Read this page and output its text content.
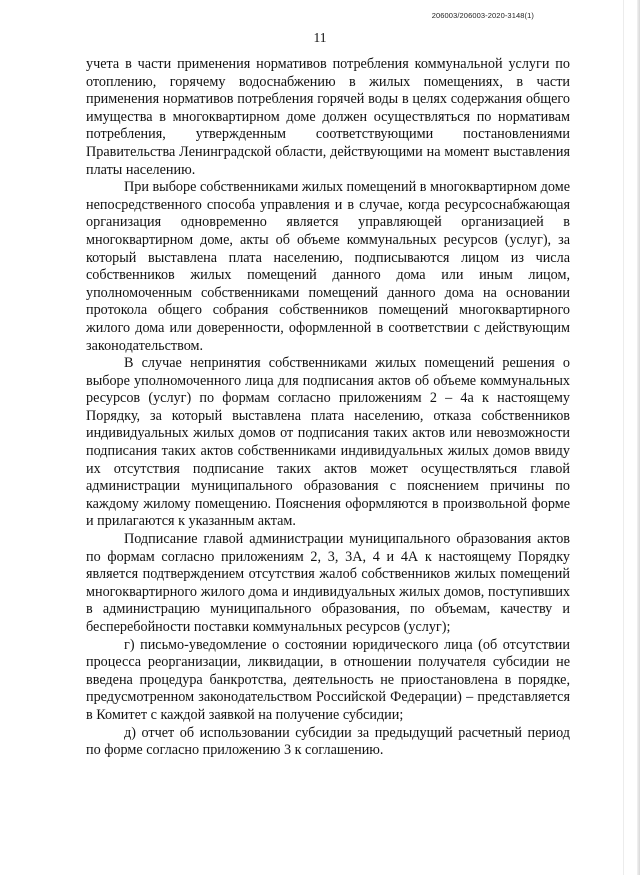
206003/206003-2020-3148(1)
11

учета в части применения нормативов потребления коммунальной услуги по отоплению, горячему водоснабжению в жилых помещениях, в части применения нормативов потребления горячей воды в целях содержания общего имущества в многоквартирном доме должен осуществляться по нормативам потребления, утвержденным соответствующими постановлениями Правительства Ленинградской области, действующими на момент выставления платы населению.

При выборе собственниками жилых помещений в многоквартирном доме непосредственного способа управления и в случае, когда ресурсоснабжающая организация одновременно является управляющей организацией в многоквартирном доме, акты об объеме коммунальных ресурсов (услуг), за который выставлена плата населению, подписываются лицом из числа собственников жилых помещений данного дома или иным лицом, уполномоченным собственниками помещений данного дома на основании протокола общего собрания собственников помещений многоквартирного жилого дома или доверенности, оформленной в соответствии с действующим законодательством.

В случае непринятия собственниками жилых помещений решения о выборе уполномоченного лица для подписания актов об объеме коммунальных ресурсов (услуг) по формам согласно приложениям 2 – 4а к настоящему Порядку, за который выставлена плата населению, отказа собственников индивидуальных жилых домов от подписания таких актов или невозможности подписания таких актов собственниками индивидуальных жилых домов ввиду их отсутствия подписание таких актов может осуществляться главой администрации муниципального образования с пояснением причины по каждому жилому помещению. Пояснения оформляются в произвольной форме и прилагаются к указанным актам.

Подписание главой администрации муниципального образования актов по формам согласно приложениям 2, 3, 3А, 4 и 4А к настоящему Порядку является подтверждением отсутствия жалоб собственников жилых помещений многоквартирного жилого дома и индивидуальных жилых домов, поступивших в администрацию муниципального образования, по объемам, качеству и бесперебойности поставки коммунальных ресурсов (услуг);

г) письмо-уведомление о состоянии юридического лица (об отсутствии процесса реорганизации, ликвидации, в отношении получателя субсидии не введена процедура банкротства, деятельность не приостановлена в порядке, предусмотренном законодательством Российской Федерации) – представляется в Комитет с каждой заявкой на получение субсидии;

д) отчет об использовании субсидии за предыдущий расчетный период по форме согласно приложению 3 к соглашению.
